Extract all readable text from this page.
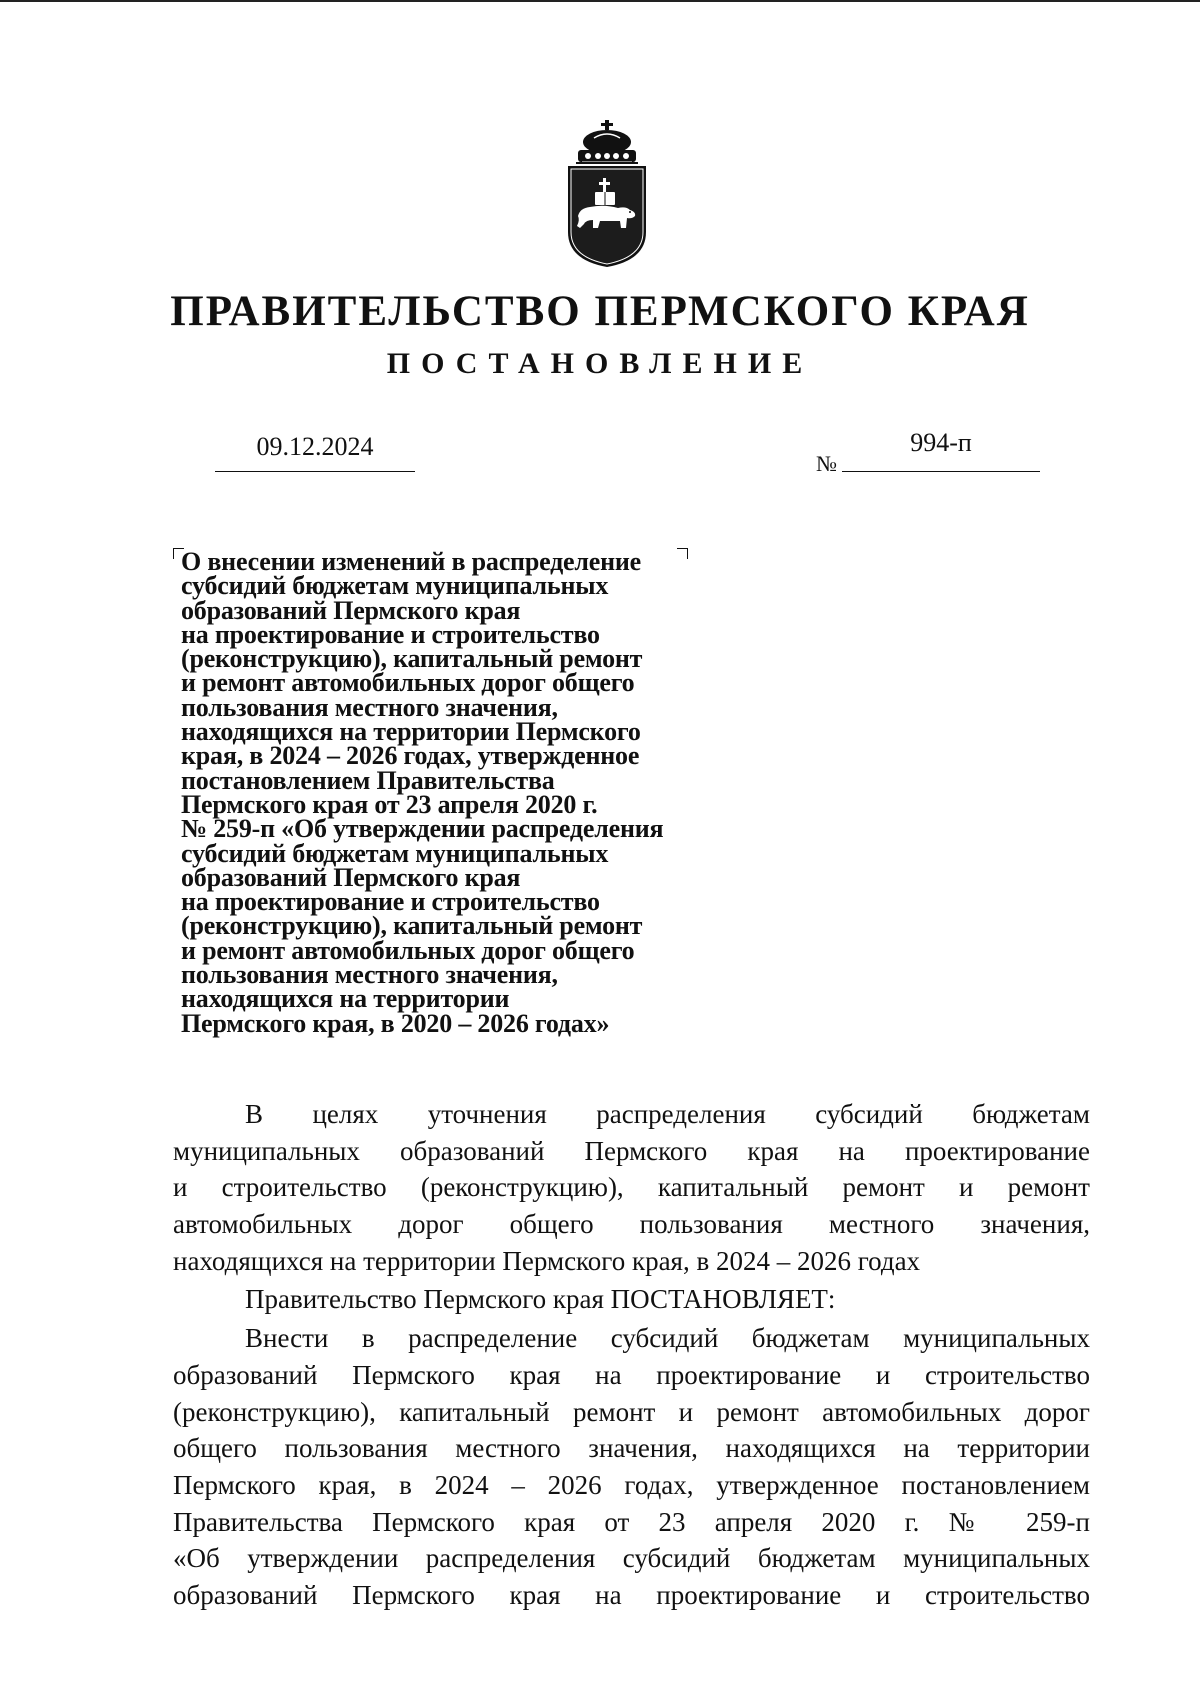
ПРАВИТЕЛЬСТВО ПЕРМСКОГО КРАЯ
ПОСТАНОВЛЕНИЕ
09.12.2024
№
994-п
О внесении изменений в распределение
субсидий бюджетам муниципальных
образований Пермского края
на проектирование и строительство
(реконструкцию), капитальный ремонт
и ремонт автомобильных дорог общего
пользования местного значения,
находящихся на территории Пермского
края, в 2024 – 2026 годах, утвержденное
постановлением Правительства
Пермского края от 23 апреля 2020 г.
№ 259-п «Об утверждении распределения
субсидий бюджетам муниципальных
образований Пермского края
на проектирование и строительство
(реконструкцию), капитальный ремонт
и ремонт автомобильных дорог общего
пользования местного значения,
находящихся на территории
Пермского края, в 2020 – 2026 годах»
В целях уточнения распределения субсидий бюджетам
муниципальных образований Пермского края на проектирование
и строительство (реконструкцию), капитальный ремонт и ремонт
автомобильных дорог общего пользования местного значения,
находящихся на территории Пермского края, в 2024 – 2026 годах
Правительство Пермского края ПОСТАНОВЛЯЕТ:
Внести в распределение субсидий бюджетам муниципальных
образований Пермского края на проектирование и строительство
(реконструкцию), капитальный ремонт и ремонт автомобильных дорог
общего пользования местного значения, находящихся на территории
Пермского края, в 2024 – 2026 годах, утвержденное постановлением
Правительства Пермского края от 23 апреля 2020 г. № 259-п
«Об утверждении распределения субсидий бюджетам муниципальных
образований Пермского края на проектирование и строительство
